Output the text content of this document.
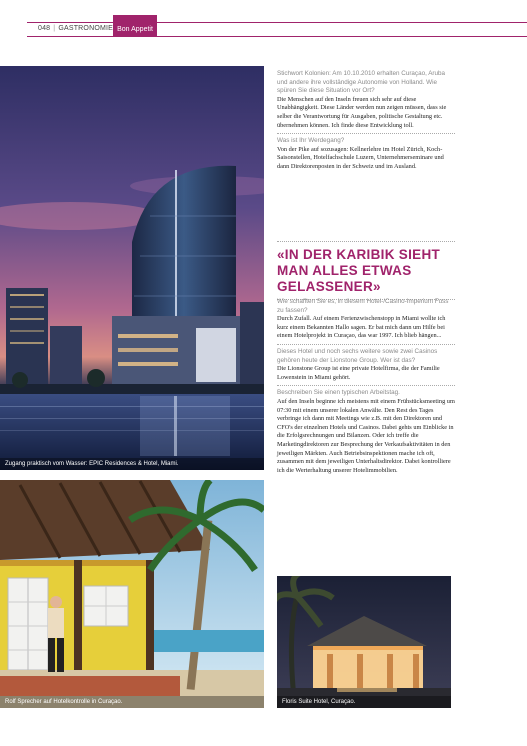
048 | GASTRONOMIE Bon Appetit
Zugang praktisch vom Wasser: EPIC Residences & Hotel, Miami.
Rolf Sprecher auf Hotelkontrolle in Curaçao.	Floris Suite Hotel, Curaçao.
Stichwort Kolonien: Am 10.10.2010 erhalten Curaçao, Aruba und andere ihre vollständige Autonomie von Holland. Wie spüren Sie diese Situation vor Ort?
Die Menschen auf den Inseln freuen sich sehr auf diese Unabhängigkeit. Diese Länder werden nun zeigen müssen, dass sie selber die Verantwortung für Ausgaben, politische Gestaltung etc. übernehmen können. Ich finde diese Entwicklung toll.
Was ist Ihr Werdegang?
Von der Pike auf sozusagen: Kellnerlehre im Hotel Zürich, Koch-Saisonstellen, Hotelfachschule Luzern, Unternehmerseminare und dann Direktorenposten in der Schweiz und im Ausland.
«IN DER KARIBIK SIEHT MAN ALLES ETWAS GELASSENER»
Wie schafften Sie es, in diesem Hotel-/Casino-Imperium Fuss zu fassen?
Durch Zufall. Auf einem Ferienzwischenstopp in Miami wollte ich kurz einem Bekannten Hallo sagen. Er bat mich dann um Hilfe bei einem Hotelprojekt in Curaçao, das war 1997. Ich blieb hängen...
Dieses Hotel und noch sechs weitere sowie zwei Casinos gehören heute der Lionstone Group. Wer ist das?
Die Lionstone Group ist eine private Hotelfirma, die der Familie Lowenstein in Miami gehört.
Beschreiben Sie einen typischen Arbeitstag.
Auf den Inseln beginne ich meistens mit einem Frühstücksmeeting um 07:30 mit einem unserer lokalen Anwälte. Den Rest des Tages verbringe ich dann mit Meetings wie z.B. mit den Direktoren und CFO's der einzelnen Hotels und Casinos. Dabei gehts um Einblicke in die Erfolgsrechnungen und Bilanzen. Oder ich treffe die Marketingdirektoren zur Besprechung der Verkaufsaktivitäten in den jeweiligen Märkten. Auch Betriebsinspektionen mache ich oft, zusammen mit dem jeweiligen Unterhaltsdirektor. Dabei kontrolliere ich die Werterhaltung unserer Hotelimmobilien.
